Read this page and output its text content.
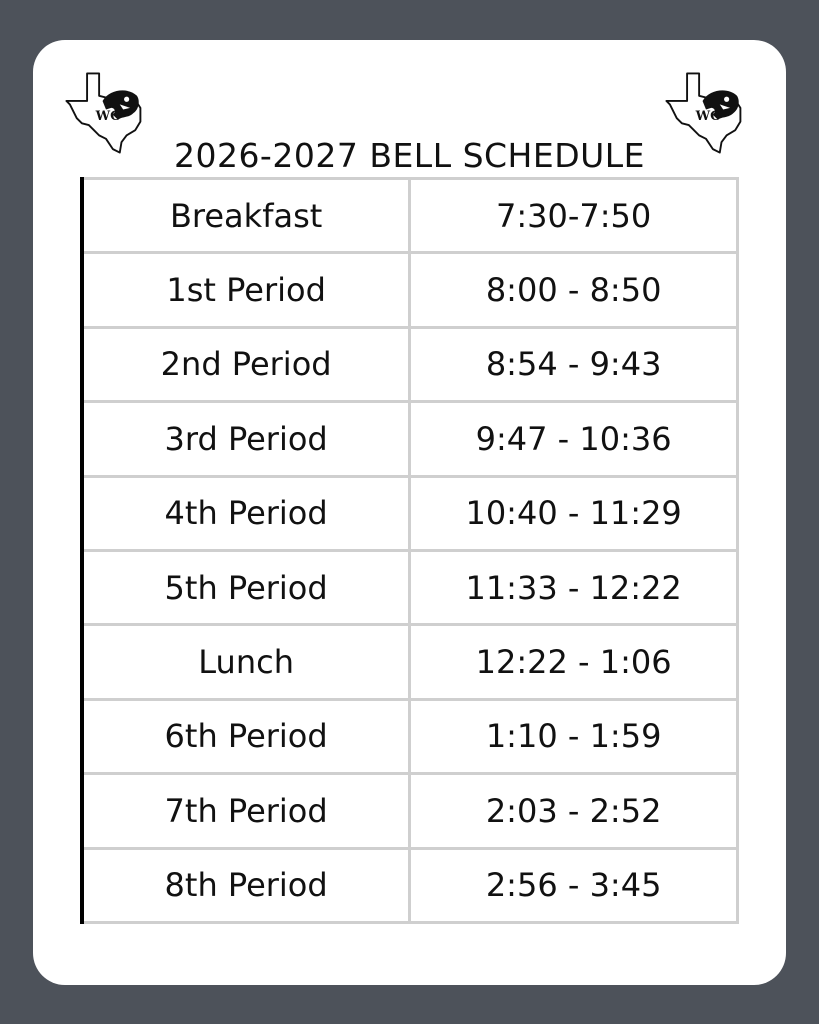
WC	WC
2026-2027 BELL SCHEDULE
Breakfast	7:30-7:50
1st Period	8:00 - 8:50
2nd Period	8:54 - 9:43
3rd Period	9:47 - 10:36
4th Period	10:40 - 11:29
5th Period	11:33 - 12:22
Lunch	12:22 - 1:06
6th Period	1:10 - 1:59
7th Period	2:03 - 2:52
8th Period	2:56 - 3:45
